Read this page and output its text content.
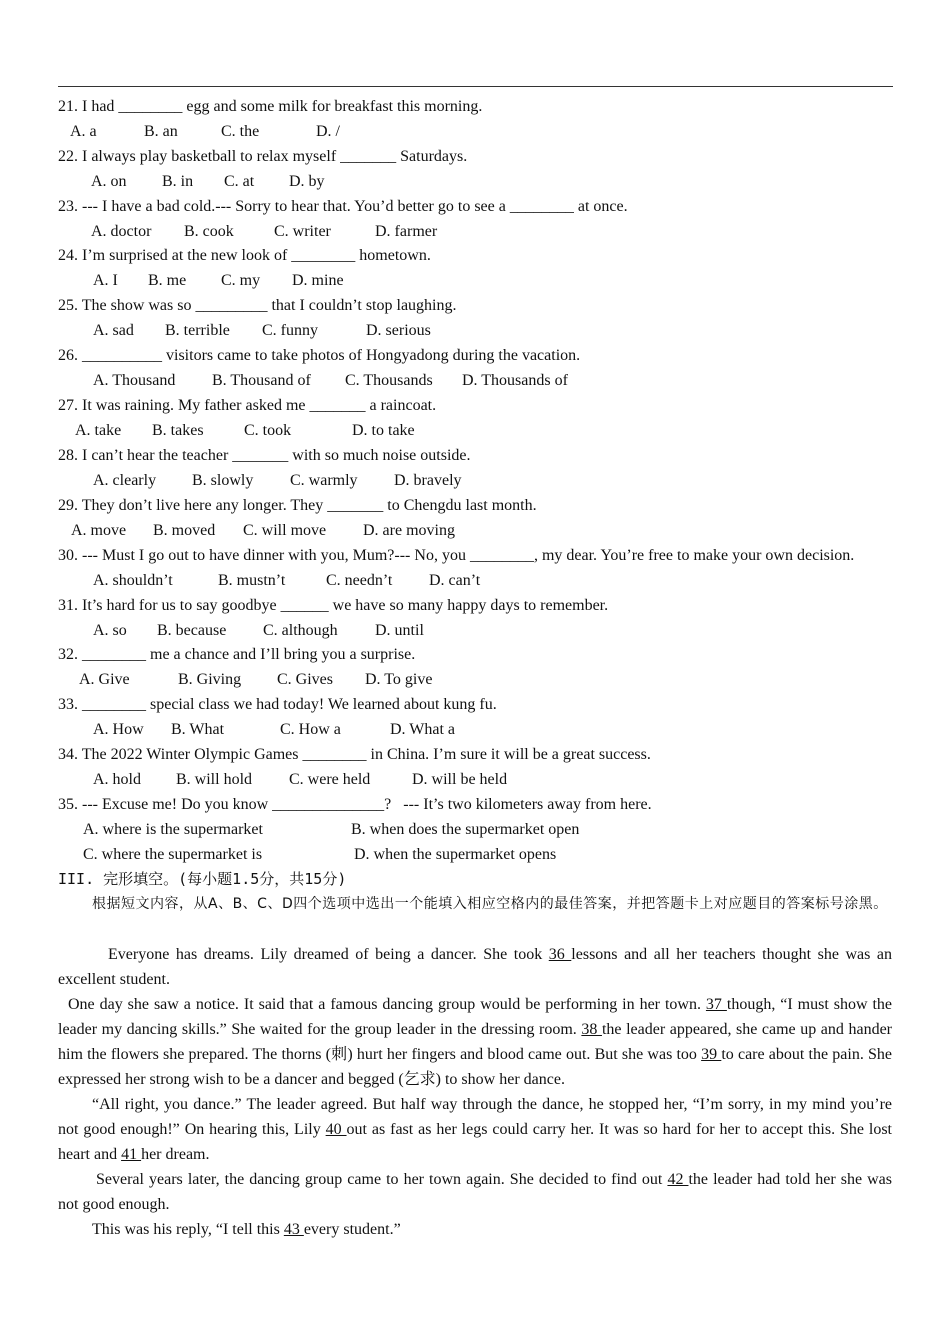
21. I had ________ egg and some milk for breakfast this morning.
A. a	B. an	C. the	D. /
22. I always play basketball to relax myself _______ Saturdays.
A. on B. in C. at D. by
23. --- I have a bad cold.--- Sorry to hear that. You’d better go to see a ________ at once.
A. doctor B. cook	C. writer	D. farmer
24. I’m surprised at the new look of ________ hometown.
A. I B. me C. my D. mine
25. The show was so _________ that I couldn’t stop laughing.
A. sad B. terrible C. funny	D. serious
26. __________ visitors came to take photos of Hongyadong during the vacation.
A. Thousand B. Thousand of C. Thousands D. Thousands of
27. It was raining. My father asked me _______ a raincoat.
A. take B. takes	C. took	D. to take
28. I can’t hear the teacher _______ with so much noise outside.
A. clearly B. slowly C. warmly D. bravely
29. They don’t live here any longer. They _______ to Chengdu last month.
A. move B. moved C. will move D. are moving
30. --- Must I go out to have dinner with you, Mum?--- No, you ________, my dear. You’re free to make your own decision.
A. shouldn’t	B. mustn’t	C. needn’t D. can’t
31. It’s hard for us to say goodbye ______ we have so many happy days to remember.
A. so B. because C. although D. until
32. ________ me a chance and I’ll bring you a surprise.
A. Give	B. Giving C. Gives D. To give
33. ________ special class we had today! We learned about kung fu.
A. How B. What	C. How a	D. What a
34. The 2022 Winter Olympic Games ________ in China. I’m sure it will be a great success.
A. hold B. will hold C. were held	D. will be held
35. --- Excuse me! Do you know ______________?   --- It’s two kilometers away from here.
A. where is the supermarket	B. when does the supermarket open
C. where the supermarket is	D. when the supermarket opens
III. 完形填空。(每小题1.5分，共15分)
根据短文内容，从A、B、C、D四个选项中选出一个能填入相应空格内的最佳答案，并把答题卡上对应题目的答案标号涂黑。
Everyone has dreams. Lily dreamed of being a dancer. She took 36 lessons and all her teachers thought she was an excellent student.
One day she saw a notice. It said that a famous dancing group would be performing in her town. 37 though, “I must show the leader my dancing skills.” She waited for the group leader in the dressing room. 38 the leader appeared, she came up and hander him the flowers she prepared. The thorns (刺) hurt her fingers and blood came out. But she was too 39 to care about the pain. She expressed her strong wish to be a dancer and begged (乞求) to show her dance.
“All right, you dance.” The leader agreed. But half way through the dance, he stopped her, “I’m sorry, in my mind you’re not good enough!” On hearing this, Lily 40 out as fast as her legs could carry her. It was so hard for her to accept this. She lost heart and 41 her dream.
Several years later, the dancing group came to her town again. She decided to find out 42 the leader had told her she was not good enough.
This was his reply, “I tell this 43 every student.”
